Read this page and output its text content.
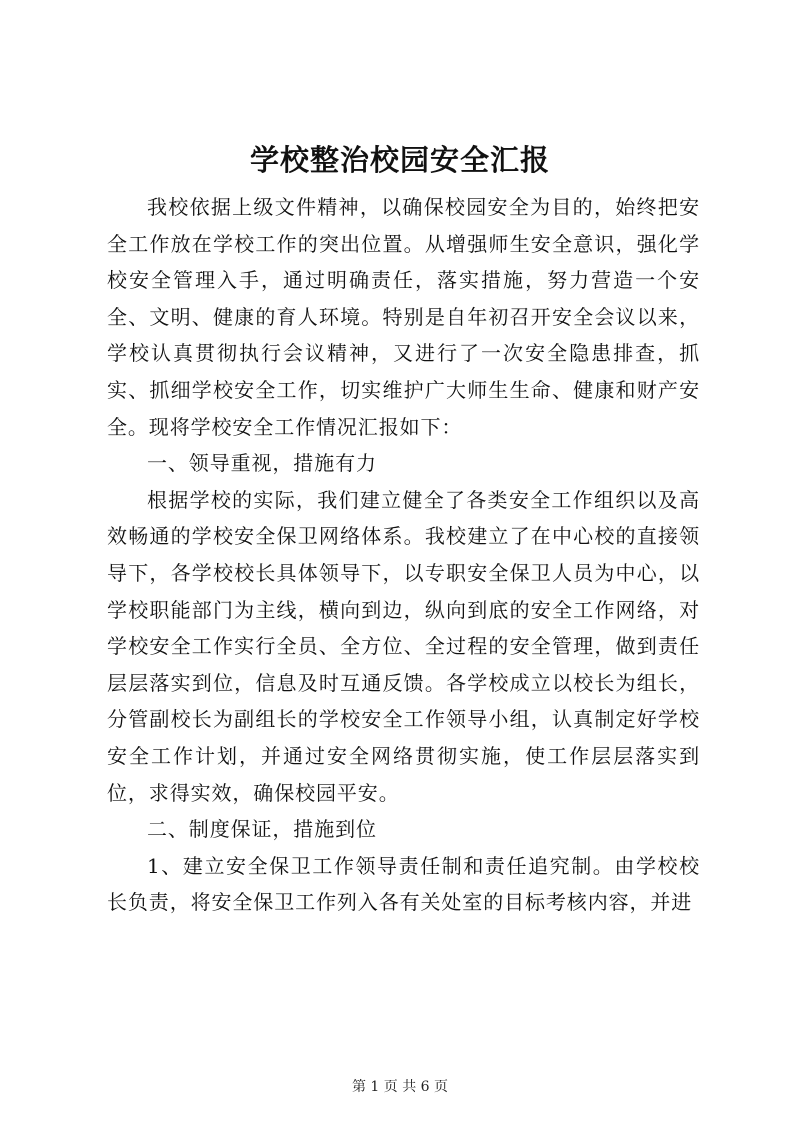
学校整治校园安全汇报

我校依据上级文件精神，以确保校园安全为目的，始终把安全工作放在学校工作的突出位置。从增强师生安全意识，强化学校安全管理入手，通过明确责任，落实措施，努力营造一个安全、文明、健康的育人环境。特别是自年初召开安全会议以来，学校认真贯彻执行会议精神，又进行了一次安全隐患排查，抓实、抓细学校安全工作，切实维护广大师生生命、健康和财产安全。现将学校安全工作情况汇报如下：

一、领导重视，措施有力

根据学校的实际，我们建立健全了各类安全工作组织以及高效畅通的学校安全保卫网络体系。我校建立了在中心校的直接领导下，各学校校长具体领导下，以专职安全保卫人员为中心，以学校职能部门为主线，横向到边，纵向到底的安全工作网络，对学校安全工作实行全员、全方位、全过程的安全管理，做到责任层层落实到位，信息及时互通反馈。各学校成立以校长为组长，分管副校长为副组长的学校安全工作领导小组，认真制定好学校安全工作计划，并通过安全网络贯彻实施，使工作层层落实到位，求得实效，确保校园平安。

二、制度保证，措施到位

1、建立安全保卫工作领导责任制和责任追究制。由学校校长负责，将安全保卫工作列入各有关处室的目标考核内容，并进

第 1 页 共 6 页
